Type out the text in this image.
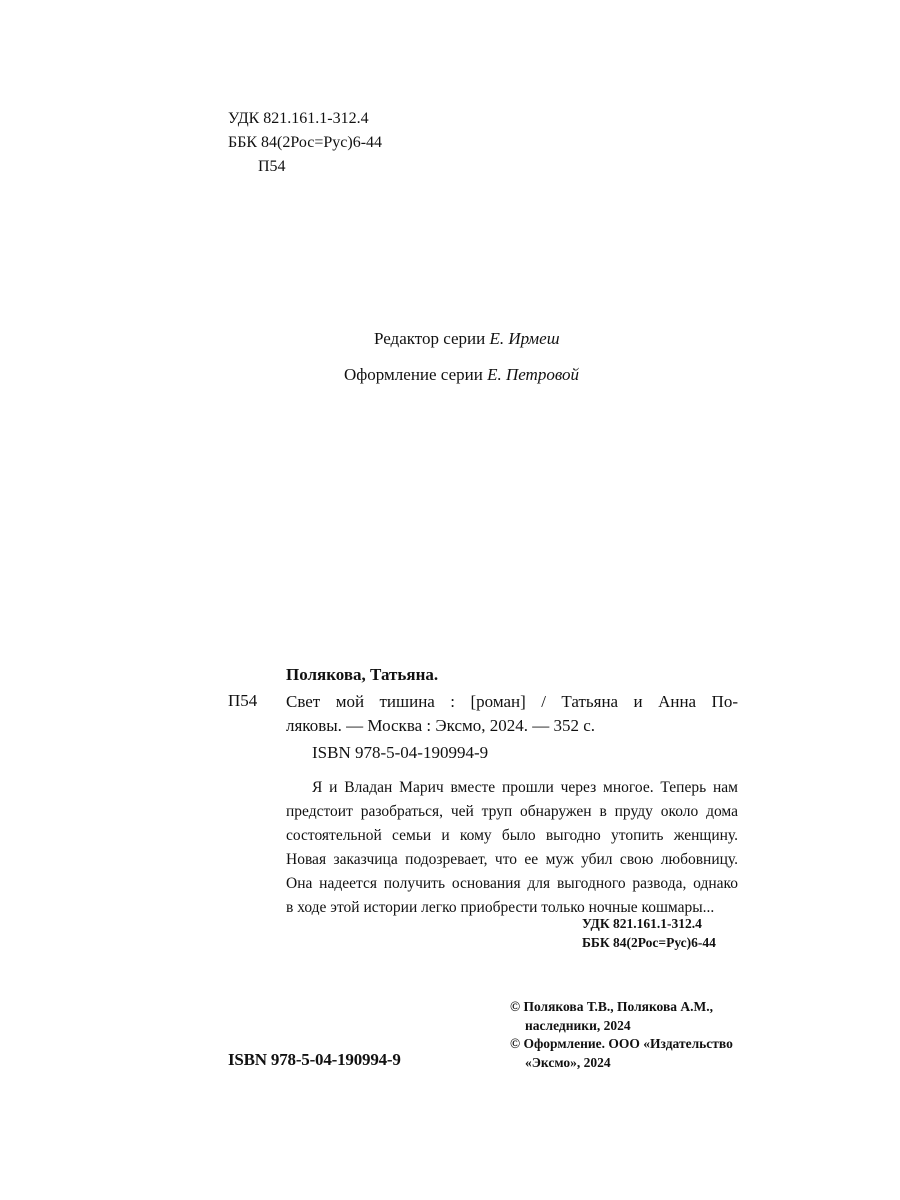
УДК 821.161.1-312.4
ББК 84(2Рос=Рус)6-44
П54
Редактор серии Е. Ирмеш
Оформление серии Е. Петровой
Полякова, Татьяна.
П54 Свет мой тишина : [роман] / Татьяна и Анна По-
ляковы. — Москва : Эксмо, 2024. — 352 с.
ISBN 978-5-04-190994-9
Я и Владан Марич вместе прошли через многое. Теперь нам
предстоит разобраться, чей труп обнаружен в пруду около дома
состоятельной семьи и кому было выгодно утопить женщину.
Новая заказчица подозревает, что ее муж убил свою любовницу.
Она надеется получить основания для выгодного развода, однако
в ходе этой истории легко приобрести только ночные кошмары...
УДК 821.161.1-312.4
ББК 84(2Рос=Рус)6-44
© Полякова Т.В., Полякова А.М.,
наследники, 2024
© Оформление. ООО «Издательство
«Эксмо», 2024
ISBN 978-5-04-190994-9
